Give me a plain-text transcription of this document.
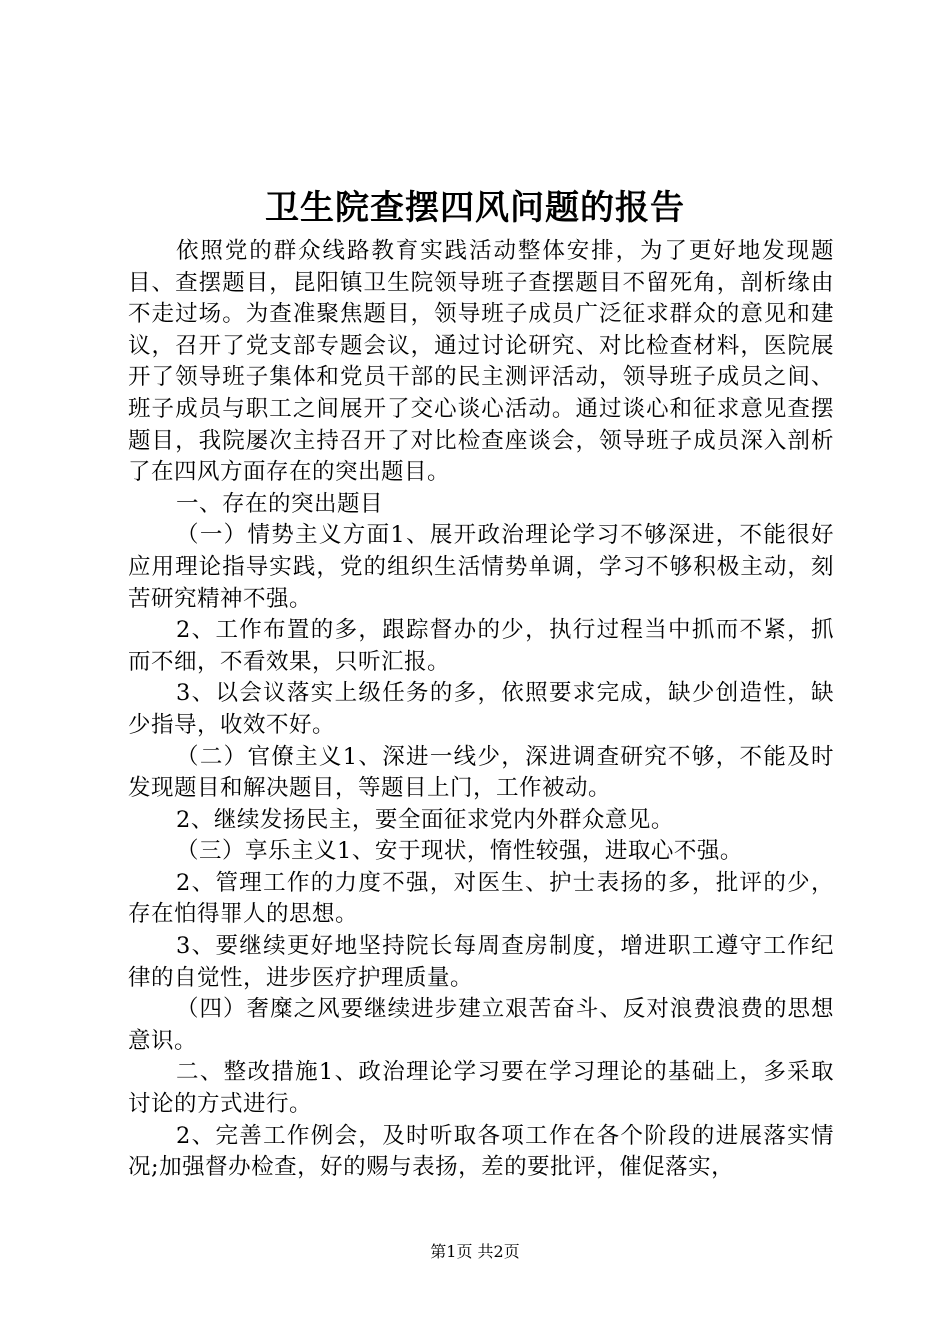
卫生院查摆四风问题的报告

依照党的群众线路教育实践活动整体安排，为了更好地发现题目、查摆题目，昆阳镇卫生院领导班子查摆题目不留死角，剖析缘由不走过场。为查准聚焦题目，领导班子成员广泛征求群众的意见和建议，召开了党支部专题会议，通过讨论研究、对比检查材料，医院展开了领导班子集体和党员干部的民主测评活动，领导班子成员之间、班子成员与职工之间展开了交心谈心活动。通过谈心和征求意见查摆题目，我院屡次主持召开了对比检查座谈会，领导班子成员深入剖析了在四风方面存在的突出题目。

一、存在的突出题目

（一）情势主义方面1、展开政治理论学习不够深进，不能很好应用理论指导实践，党的组织生活情势单调，学习不够积极主动，刻苦研究精神不强。

2、工作布置的多，跟踪督办的少，执行过程当中抓而不紧，抓而不细，不看效果，只听汇报。

3、以会议落实上级任务的多，依照要求完成，缺少创造性，缺少指导，收效不好。

（二）官僚主义1、深进一线少，深进调查研究不够，不能及时发现题目和解决题目，等题目上门，工作被动。

2、继续发扬民主，要全面征求党内外群众意见。

（三）享乐主义1、安于现状，惰性较强，进取心不强。

2、管理工作的力度不强，对医生、护士表扬的多，批评的少，存在怕得罪人的思想。

3、要继续更好地坚持院长每周查房制度，增进职工遵守工作纪律的自觉性，进步医疗护理质量。

（四）奢糜之风要继续进步建立艰苦奋斗、反对浪费浪费的思想意识。

二、整改措施1、政治理论学习要在学习理论的基础上，多采取讨论的方式进行。

2、完善工作例会，及时听取各项工作在各个阶段的进展落实情况;加强督办检查，好的赐与表扬，差的要批评，催促落实，

第1页 共2页
